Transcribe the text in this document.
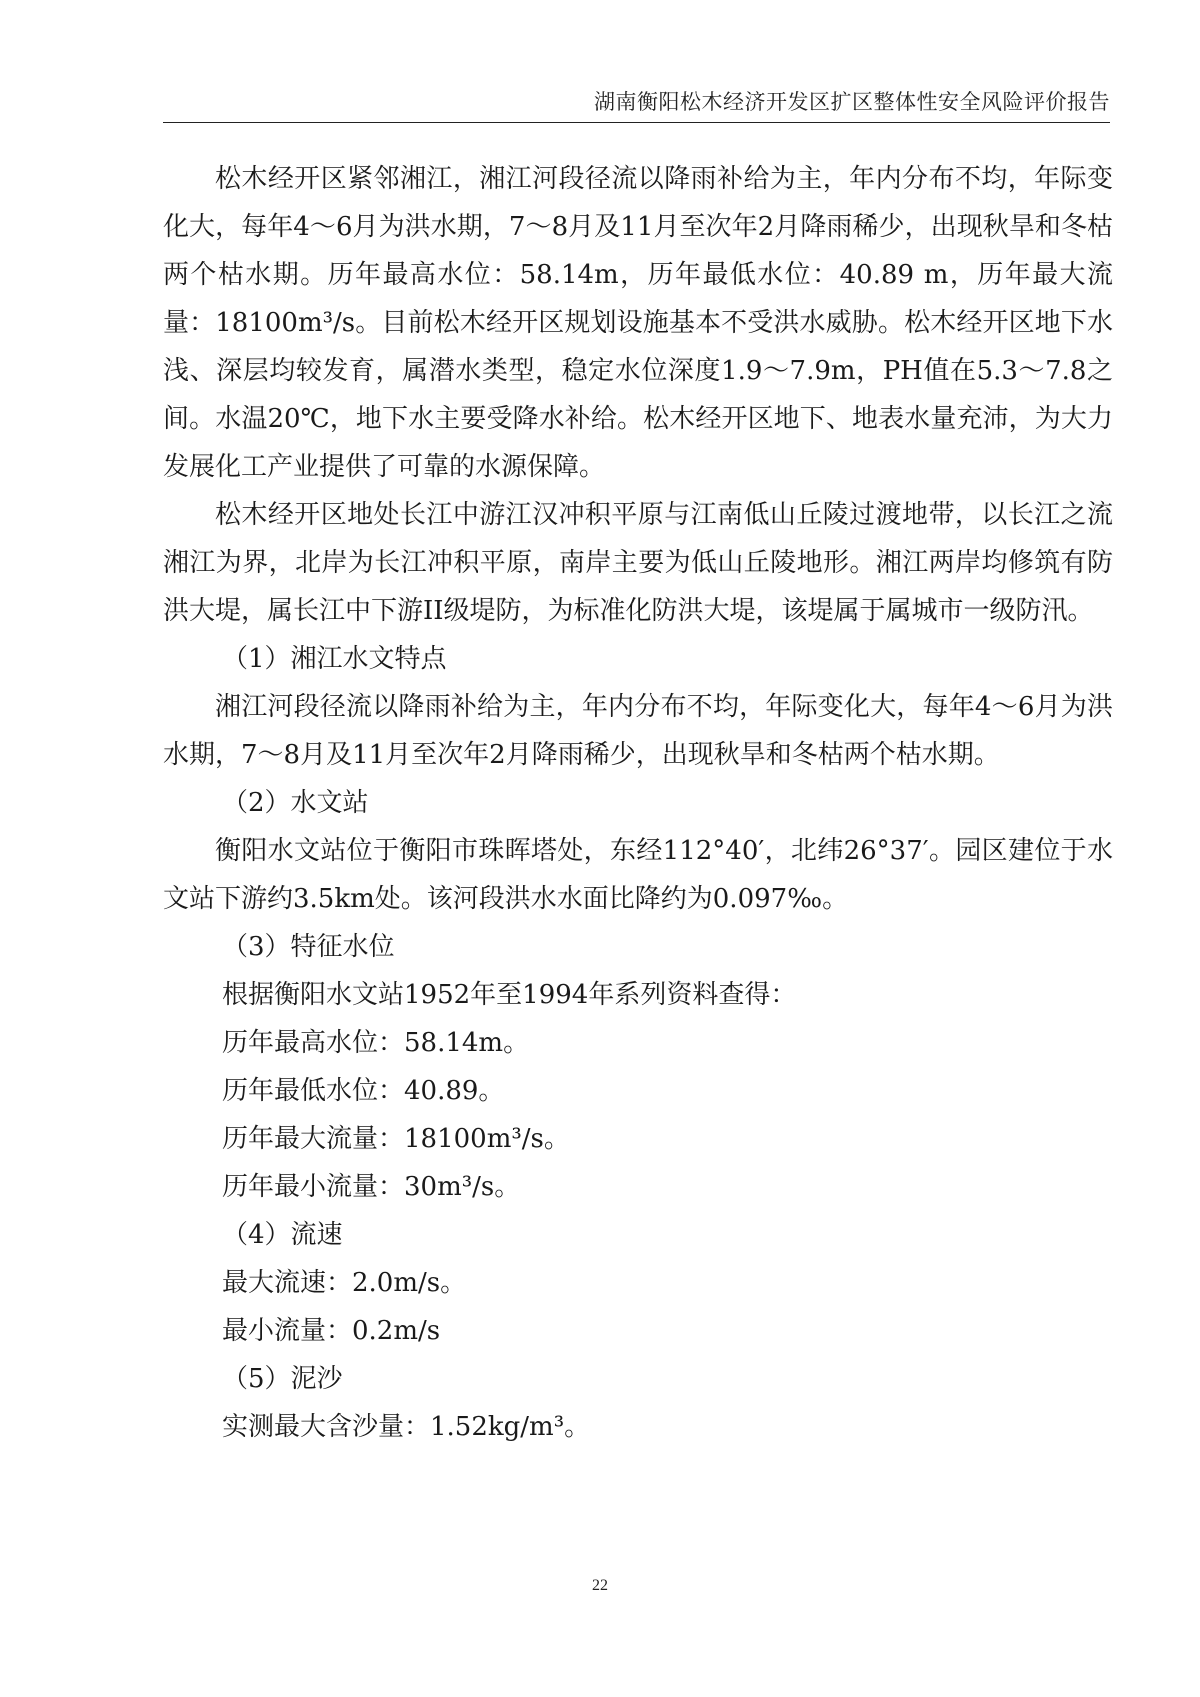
湖南衡阳松木经济开发区扩区整体性安全风险评价报告

松木经开区紧邻湘江，湘江河段径流以降雨补给为主，年内分布不均，年际变化大，每年4～6月为洪水期，7～8月及11月至次年2月降雨稀少，出现秋旱和冬枯两个枯水期。历年最高水位：58.14m，历年最低水位：40.89 m，历年最大流量：18100m³/s。目前松木经开区规划设施基本不受洪水威胁。松木经开区地下水浅、深层均较发育，属潜水类型，稳定水位深度1.9～7.9m，PH值在5.3～7.8之间。水温20℃，地下水主要受降水补给。松木经开区地下、地表水量充沛，为大力发展化工产业提供了可靠的水源保障。

松木经开区地处长江中游江汉冲积平原与江南低山丘陵过渡地带，以长江之流湘江为界，北岸为长江冲积平原，南岸主要为低山丘陵地形。湘江两岸均修筑有防洪大堤，属长江中下游II级堤防，为标准化防洪大堤，该堤属于属城市一级防汛。

（1）湘江水文特点

湘江河段径流以降雨补给为主，年内分布不均，年际变化大，每年4～6月为洪水期，7～8月及11月至次年2月降雨稀少，出现秋旱和冬枯两个枯水期。

（2）水文站

衡阳水文站位于衡阳市珠晖塔处，东经112°40′，北纬26°37′。园区建位于水文站下游约3.5km处。该河段洪水水面比降约为0.097‰。

（3）特征水位

根据衡阳水文站1952年至1994年系列资料查得：

历年最高水位：58.14m。

历年最低水位：40.89。

历年最大流量：18100m³/s。

历年最小流量：30m³/s。

（4）流速

最大流速：2.0m/s。

最小流量：0.2m/s

（5）泥沙

实测最大含沙量：1.52kg/m³。

22
